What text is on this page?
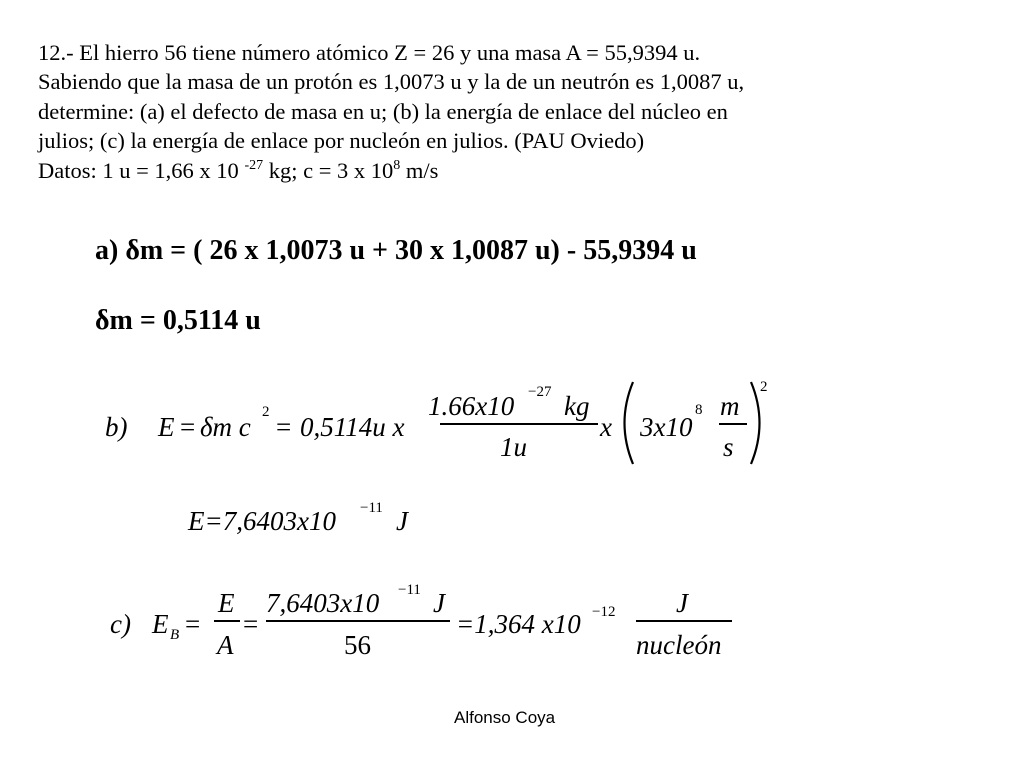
12.- El hierro 56 tiene número atómico Z = 26 y una masa A = 55,9394 u.
Sabiendo que la masa de un protón es 1,0073 u y la de un neutrón es 1,0087 u,
determine: (a) el defecto de masa en u; (b) la energía de enlace del núcleo en
julios; (c) la energía de enlace por nucleón en julios. (PAU Oviedo)
Datos: 1 u = 1,66 x 10 $^{-27}$ kg; c = 3 x $10^8$ m/s
a) δm = ( 26 x 1,0073 u + 30 x 1,0087 u) - 55,9394 u
δm = 0,5114 u
b) E = δm c 2 = 0,5114u x
1.66x10 −27 kg
1u
x 3x10
8 m
s
2
E=7,6403x10 −11 J
c) E B =
E
A
=
7,6403x10 −11 J
56
=1,364 x10 −12 J
nucleón
Alfonso Coya
